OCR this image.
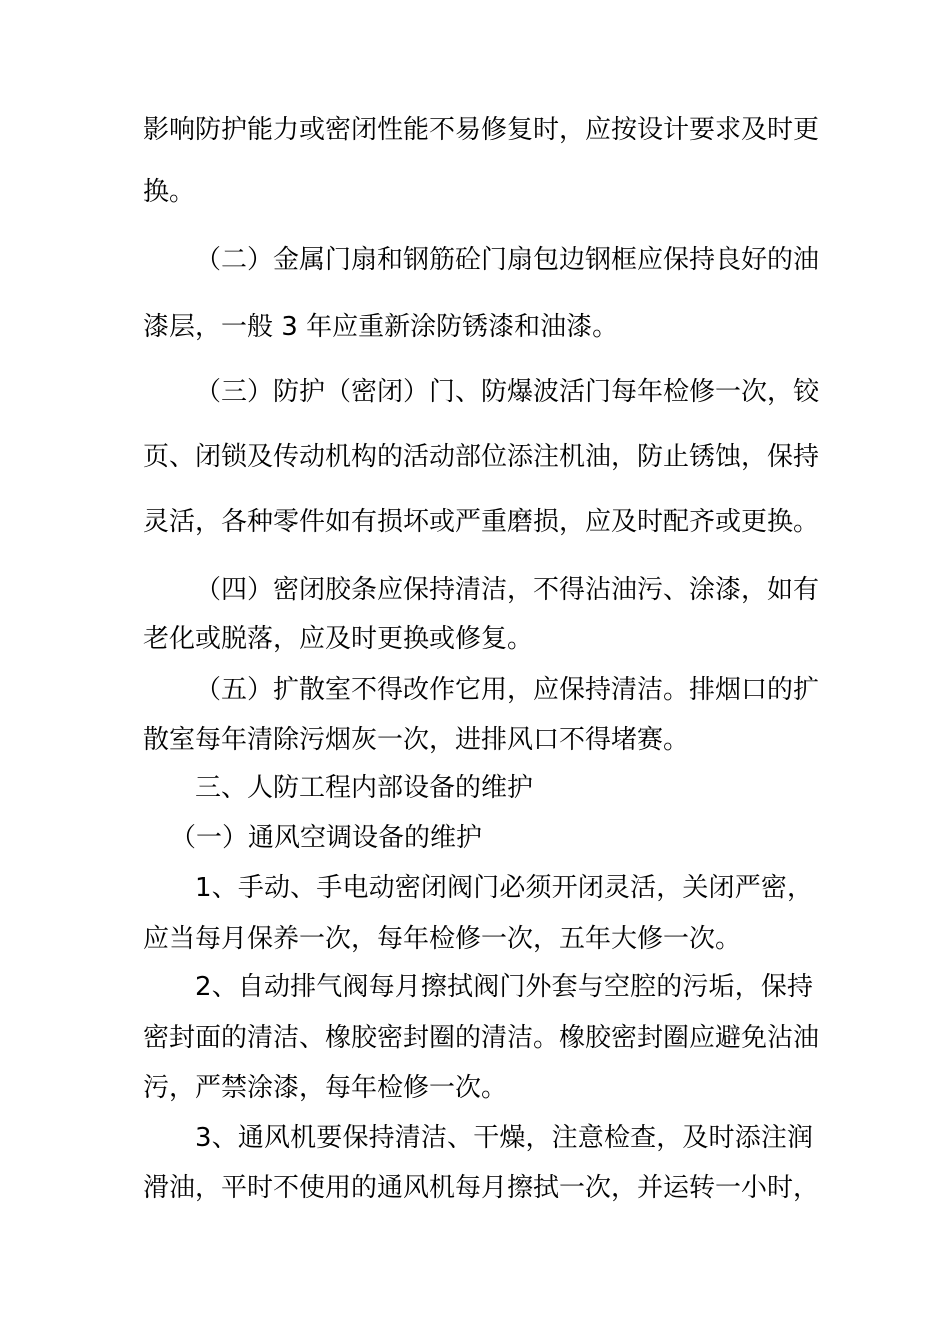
影响防护能力或密闭性能不易修复时，应按设计要求及时更
换。
（二）金属门扇和钢筋砼门扇包边钢框应保持良好的油
漆层，一般 3 年应重新涂防锈漆和油漆。
（三）防护（密闭）门、防爆波活门每年检修一次，铰
页、闭锁及传动机构的活动部位添注机油，防止锈蚀，保持
灵活，各种零件如有损坏或严重磨损，应及时配齐或更换。
（四）密闭胶条应保持清洁，不得沾油污、涂漆，如有
老化或脱落，应及时更换或修复。
（五）扩散室不得改作它用，应保持清洁。排烟口的扩
散室每年清除污烟灰一次，进排风口不得堵赛。
三、人防工程内部设备的维护
（一）通风空调设备的维护
1、手动、手电动密闭阀门必须开闭灵活，关闭严密，
应当每月保养一次，每年检修一次，五年大修一次。
2、自动排气阀每月擦拭阀门外套与空腔的污垢，保持
密封面的清洁、橡胶密封圈的清洁。橡胶密封圈应避免沾油
污，严禁涂漆，每年检修一次。
3、通风机要保持清洁、干燥，注意检查，及时添注润
滑油，平时不使用的通风机每月擦拭一次，并运转一小时，
